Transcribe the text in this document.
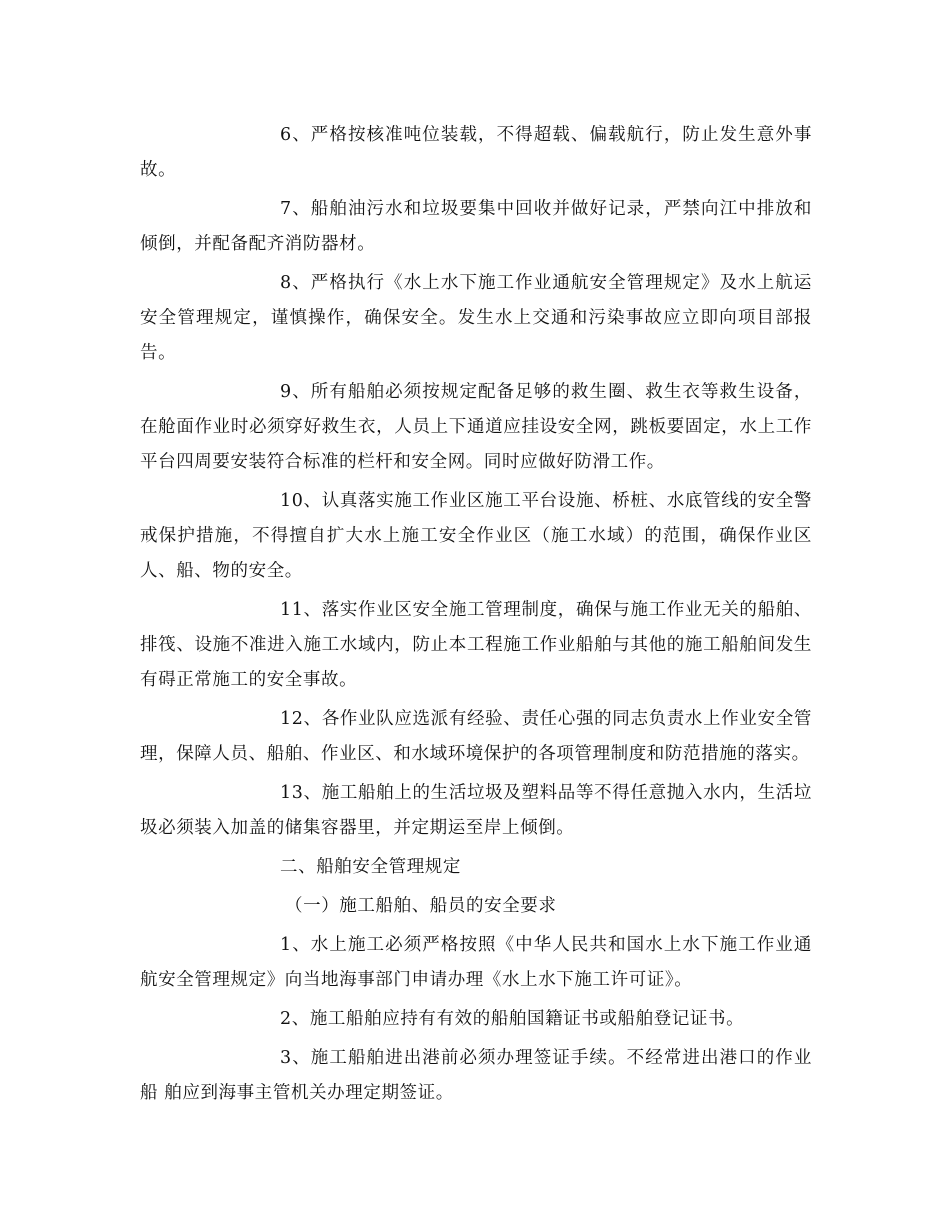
6、严格按核准吨位装载，不得超载、偏载航行，防止发生意外事故。

7、船舶油污水和垃圾要集中回收并做好记录，严禁向江中排放和倾倒，并配备配齐消防器材。

8、严格执行《水上水下施工作业通航安全管理规定》及水上航运安全管理规定，谨慎操作，确保安全。发生水上交通和污染事故应立即向项目部报告。

9、所有船舶必须按规定配备足够的救生圈、救生衣等救生设备，在舱面作业时必须穿好救生衣，人员上下通道应挂设安全网，跳板要固定，水上工作平台四周要安装符合标准的栏杆和安全网。同时应做好防滑工作。

10、认真落实施工作业区施工平台设施、桥桩、水底管线的安全警戒保护措施，不得擅自扩大水上施工安全作业区（施工水域）的范围，确保作业区人、船、物的安全。

11、落实作业区安全施工管理制度，确保与施工作业无关的船舶、排筏、设施不准进入施工水域内，防止本工程施工作业船舶与其他的施工船舶间发生有碍正常施工的安全事故。

12、各作业队应选派有经验、责任心强的同志负责水上作业安全管理，保障人员、船舶、作业区、和水域环境保护的各项管理制度和防范措施的落实。

13、施工船舶上的生活垃圾及塑料品等不得任意抛入水内，生活垃圾必须装入加盖的储集容器里，并定期运至岸上倾倒。

二、船舶安全管理规定

（一）施工船舶、船员的安全要求

1、水上施工必须严格按照《中华人民共和国水上水下施工作业通航安全管理规定》向当地海事部门申请办理《水上水下施工许可证》。

2、施工船舶应持有有效的船舶国籍证书或船舶登记证书。

3、施工船舶进出港前必须办理签证手续。不经常进出港口的作业船 舶应到海事主管机关办理定期签证。
